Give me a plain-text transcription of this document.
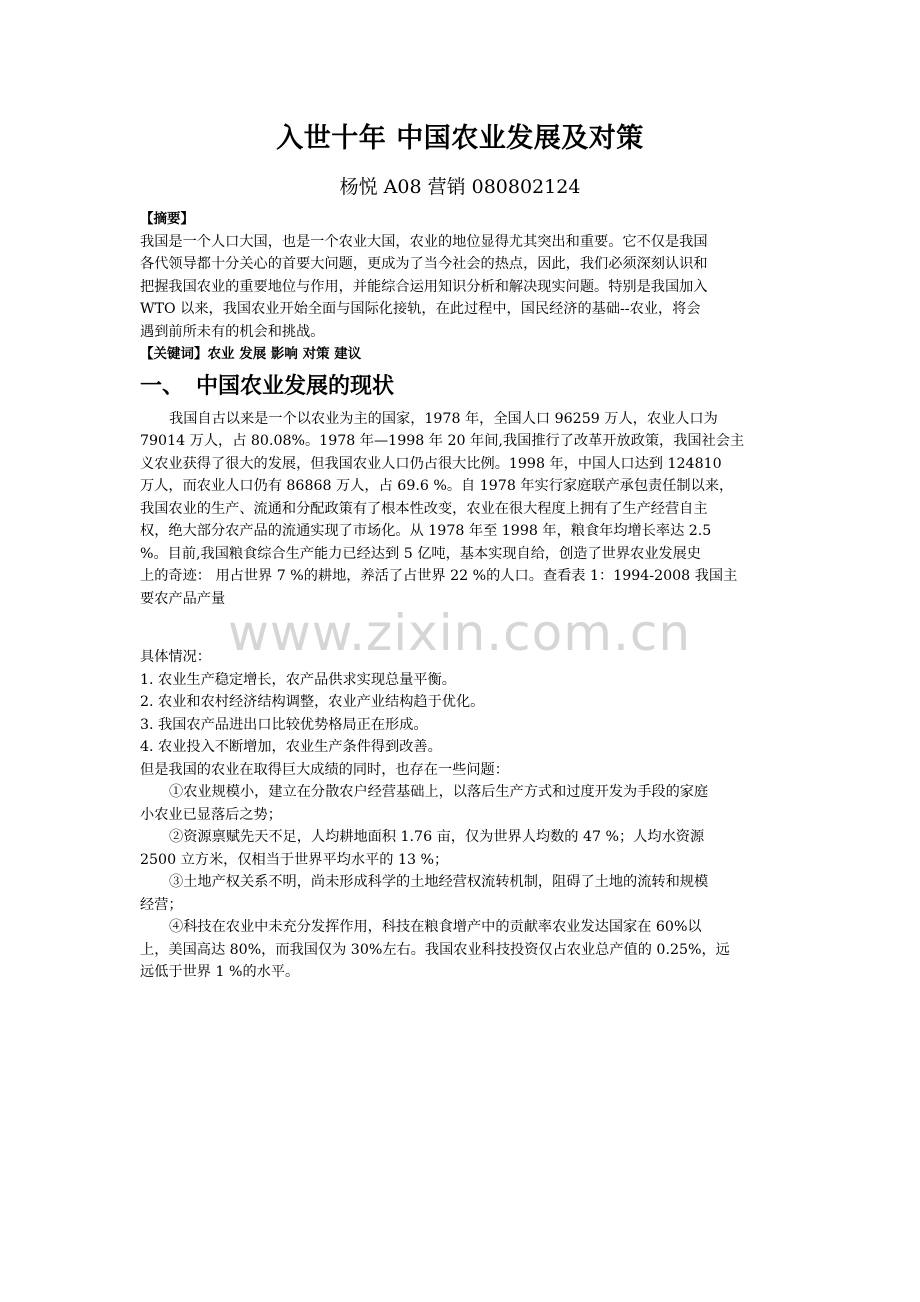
入世十年 中国农业发展及对策
杨悦 A08 营销 080802124
【摘要】
我国是一个人口大国，也是一个农业大国，农业的地位显得尤其突出和重要。它不仅是我国
各代领导都十分关心的首要大问题，更成为了当今社会的热点，因此，我们必须深刻认识和
把握我国农业的重要地位与作用，并能综合运用知识分析和解决现实问题。特别是我国加入
WTO 以来，我国农业开始全面与国际化接轨，在此过程中，国民经济的基础--农业，将会
遇到前所未有的机会和挑战。
【关键词】农业 发展 影响 对策 建议
一、 中国农业发展的现状
我国自古以来是一个以农业为主的国家，1978 年，全国人口 96259 万人，农业人口为
79014 万人，占 80.08%。1978 年—1998 年 20 年间,我国推行了改革开放政策，我国社会主
义农业获得了很大的发展，但我国农业人口仍占很大比例。1998 年，中国人口达到 124810
万人，而农业人口仍有 86868 万人，占 69.6 %。自 1978 年实行家庭联产承包责任制以来，
我国农业的生产、流通和分配政策有了根本性改变，农业在很大程度上拥有了生产经营自主
权，绝大部分农产品的流通实现了市场化。从 1978 年至 1998 年，粮食年均增长率达 2.5
%。目前,我国粮食综合生产能力已经达到 5 亿吨，基本实现自给，创造了世界农业发展史
上的奇迹： 用占世界 7 %的耕地，养活了占世界 22 %的人口。查看表 1：1994-2008 我国主
要农产品产量
具体情况：
1. 农业生产稳定增长，农产品供求实现总量平衡。
2. 农业和农村经济结构调整，农业产业结构趋于优化。
3. 我国农产品进出口比较优势格局正在形成。
4. 农业投入不断增加，农业生产条件得到改善。
但是我国的农业在取得巨大成绩的同时，也存在一些问题：
①农业规模小，建立在分散农户经营基础上，以落后生产方式和过度开发为手段的家庭
小农业已显落后之势；
②资源禀赋先天不足，人均耕地面积 1.76 亩，仅为世界人均数的 47 %；人均水资源
2500 立方米，仅相当于世界平均水平的 13 %；
③土地产权关系不明，尚未形成科学的土地经营权流转机制，阻碍了土地的流转和规模
经营；
④科技在农业中未充分发挥作用，科技在粮食增产中的贡献率农业发达国家在 60%以
上，美国高达 80%，而我国仅为 30%左右。我国农业科技投资仅占农业总产值的 0.25%，远
远低于世界 1 %的水平。
www.zixin.com.cn
